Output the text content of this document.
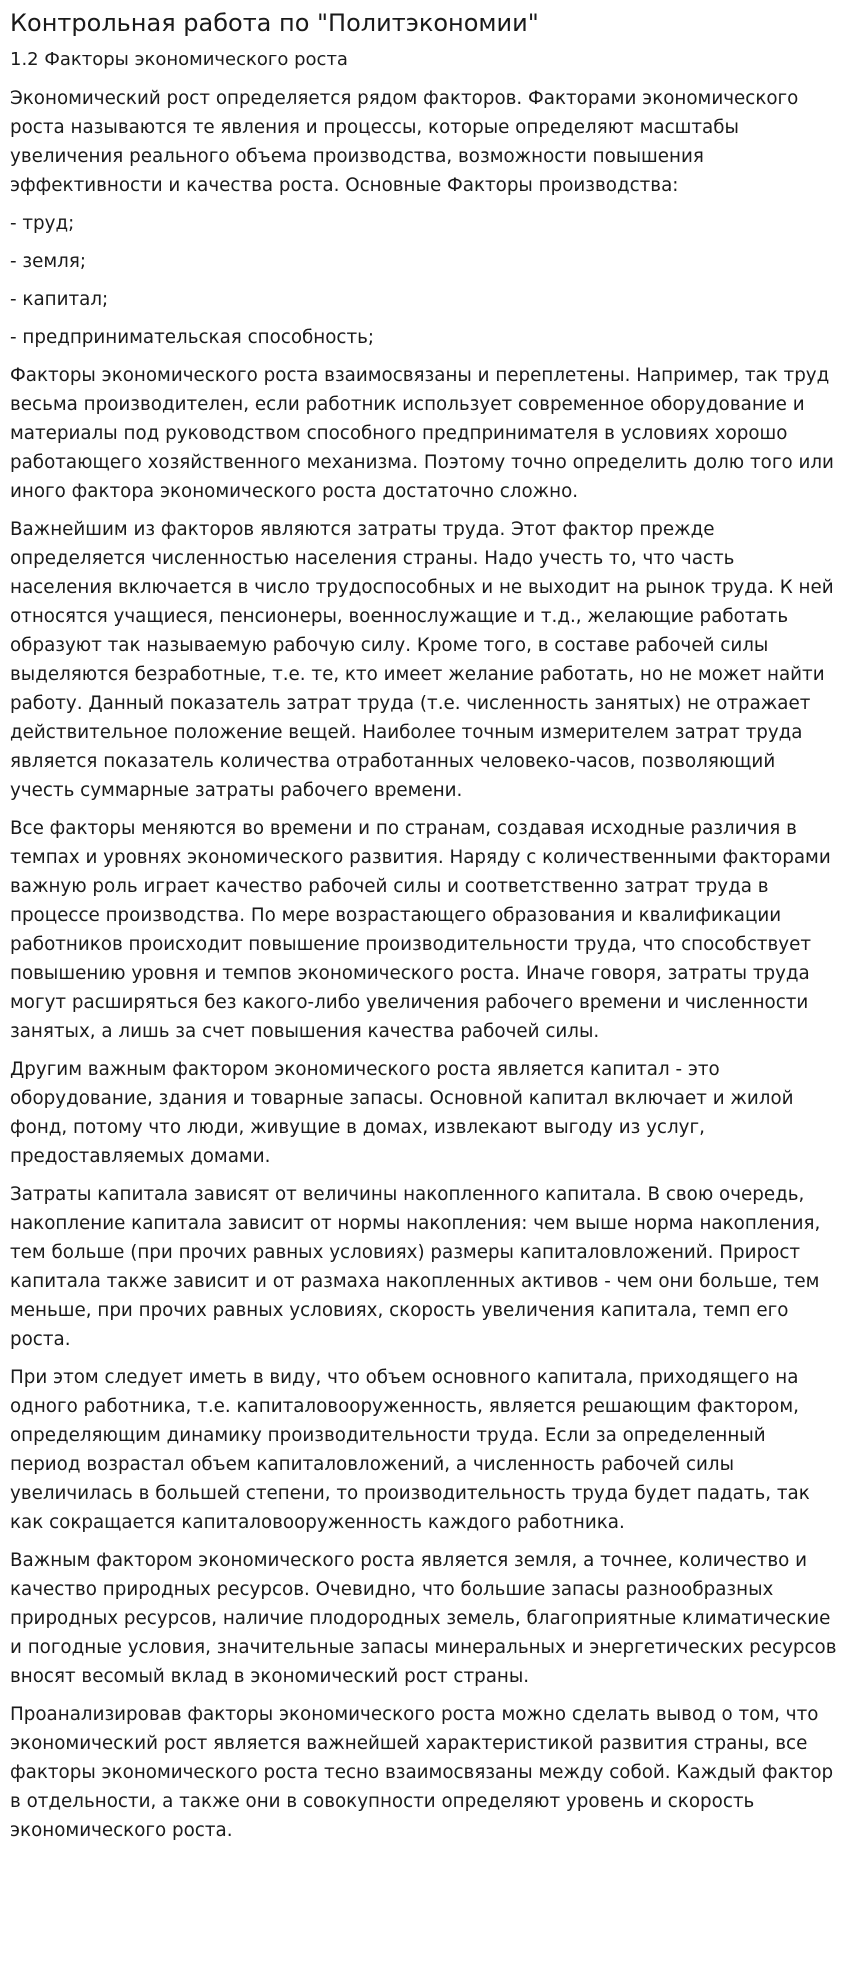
Контрольная работа по "Политэкономии"
1.2 Факторы экономического роста

Экономический рост определяется рядом факторов. Факторами экономического роста называются те явления и процессы, которые определяют масштабы увеличения реального объема производства, возможности повышения эффективности и качества роста. Основные Факторы производства:

- труд;

- земля;

- капитал;

- предпринимательская способность;

Факторы экономического роста взаимосвязаны и переплетены. Например, так труд весьма производителен, если работник использует современное оборудование и материалы под руководством способного предпринимателя в условиях хорошо работающего хозяйственного механизма. Поэтому точно определить долю того или иного фактора экономического роста достаточно сложно.

Важнейшим из факторов являются затраты труда. Этот фактор прежде определяется численностью населения страны. Надо учесть то, что часть населения включается в число трудоспособных и не выходит на рынок труда. К ней относятся учащиеся, пенсионеры, военнослужащие и т.д., желающие работать образуют так называемую рабочую силу. Кроме того, в составе рабочей силы выделяются безработные, т.е. те, кто имеет желание работать, но не может найти работу. Данный показатель затрат труда (т.е. численность занятых) не отражает действительное положение вещей. Наиболее точным измерителем затрат труда является показатель количества отработанных человеко-часов, позволяющий учесть суммарные затраты рабочего времени.

Все факторы меняются во времени и по странам, создавая исходные различия в темпах и уровнях экономического развития. Наряду с количественными факторами важную роль играет качество рабочей силы и соответственно затрат труда в процессе производства. По мере возрастающего образования и квалификации работников происходит повышение производительности труда, что способствует повышению уровня и темпов экономического роста. Иначе говоря, затраты труда могут расширяться без какого-либо увеличения рабочего времени и численности занятых, а лишь за счет повышения качества рабочей силы.

Другим важным фактором экономического роста является капитал - это оборудование, здания и товарные запасы. Основной капитал включает и жилой фонд, потому что люди, живущие в домах, извлекают выгоду из услуг, предоставляемых домами.

Затраты капитала зависят от величины накопленного капитала. В свою очередь, накопление капитала зависит от нормы накопления: чем выше норма накопления, тем больше (при прочих равных условиях) размеры капиталовложений. Прирост капитала также зависит и от размаха накопленных активов - чем они больше, тем меньше, при прочих равных условиях, скорость увеличения капитала, темп его роста.

При этом следует иметь в виду, что объем основного капитала, приходящего на одного работника, т.е. капиталовооруженность, является решающим фактором, определяющим динамику производительности труда. Если за определенный период возрастал объем капиталовложений, а численность рабочей силы увеличилась в большей степени, то производительность труда будет падать, так как сокращается капиталовооруженность каждого работника.

Важным фактором экономического роста является земля, а точнее, количество и качество природных ресурсов. Очевидно, что большие запасы разнообразных природных ресурсов, наличие плодородных земель, благоприятные климатические и погодные условия, значительные запасы минеральных и энергетических ресурсов вносят весомый вклад в экономический рост страны.

Проанализировав факторы экономического роста можно сделать вывод о том, что экономический рост является важнейшей характеристикой развития страны, все факторы экономического роста тесно взаимосвязаны между собой. Каждый фактор в отдельности, а также они в совокупности определяют уровень и скорость экономического роста.
